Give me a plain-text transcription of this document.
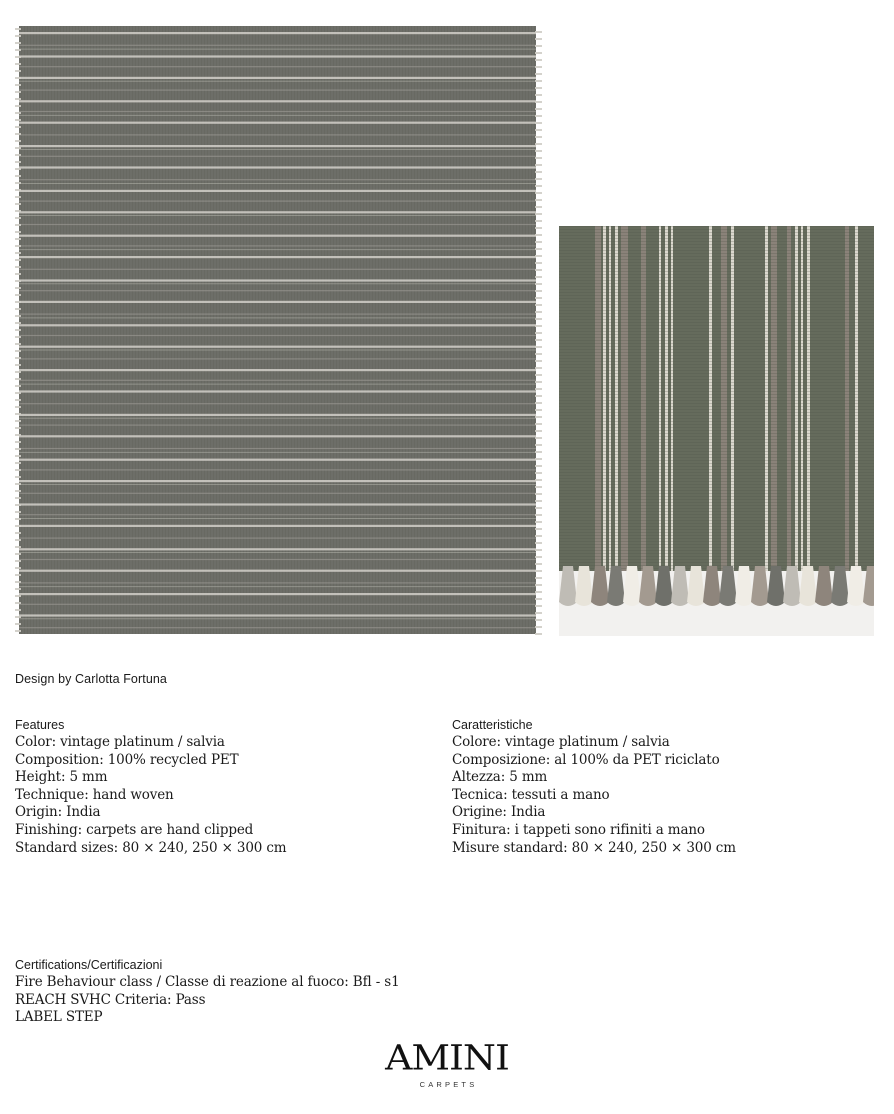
Design by Carlotta Fortuna
Features
Color: vintage platinum / salvia
Composition: 100% recycled PET
Height: 5 mm
Technique: hand woven
Origin: India
Finishing: carpets are hand clipped
Standard sizes: 80 × 240, 250 × 300 cm
Caratteristiche
Colore: vintage platinum / salvia
Composizione: al 100% da PET riciclato
Altezza: 5 mm
Tecnica: tessuti a mano
Origine: India
Finitura: i tappeti sono rifiniti a mano
Misure standard: 80 × 240, 250 × 300 cm
Certifications/Certificazioni
Fire Behaviour class / Classe di reazione al fuoco: Bfl - s1
REACH SVHC Criteria: Pass
LABEL STEP
AMINI
CARPETS
